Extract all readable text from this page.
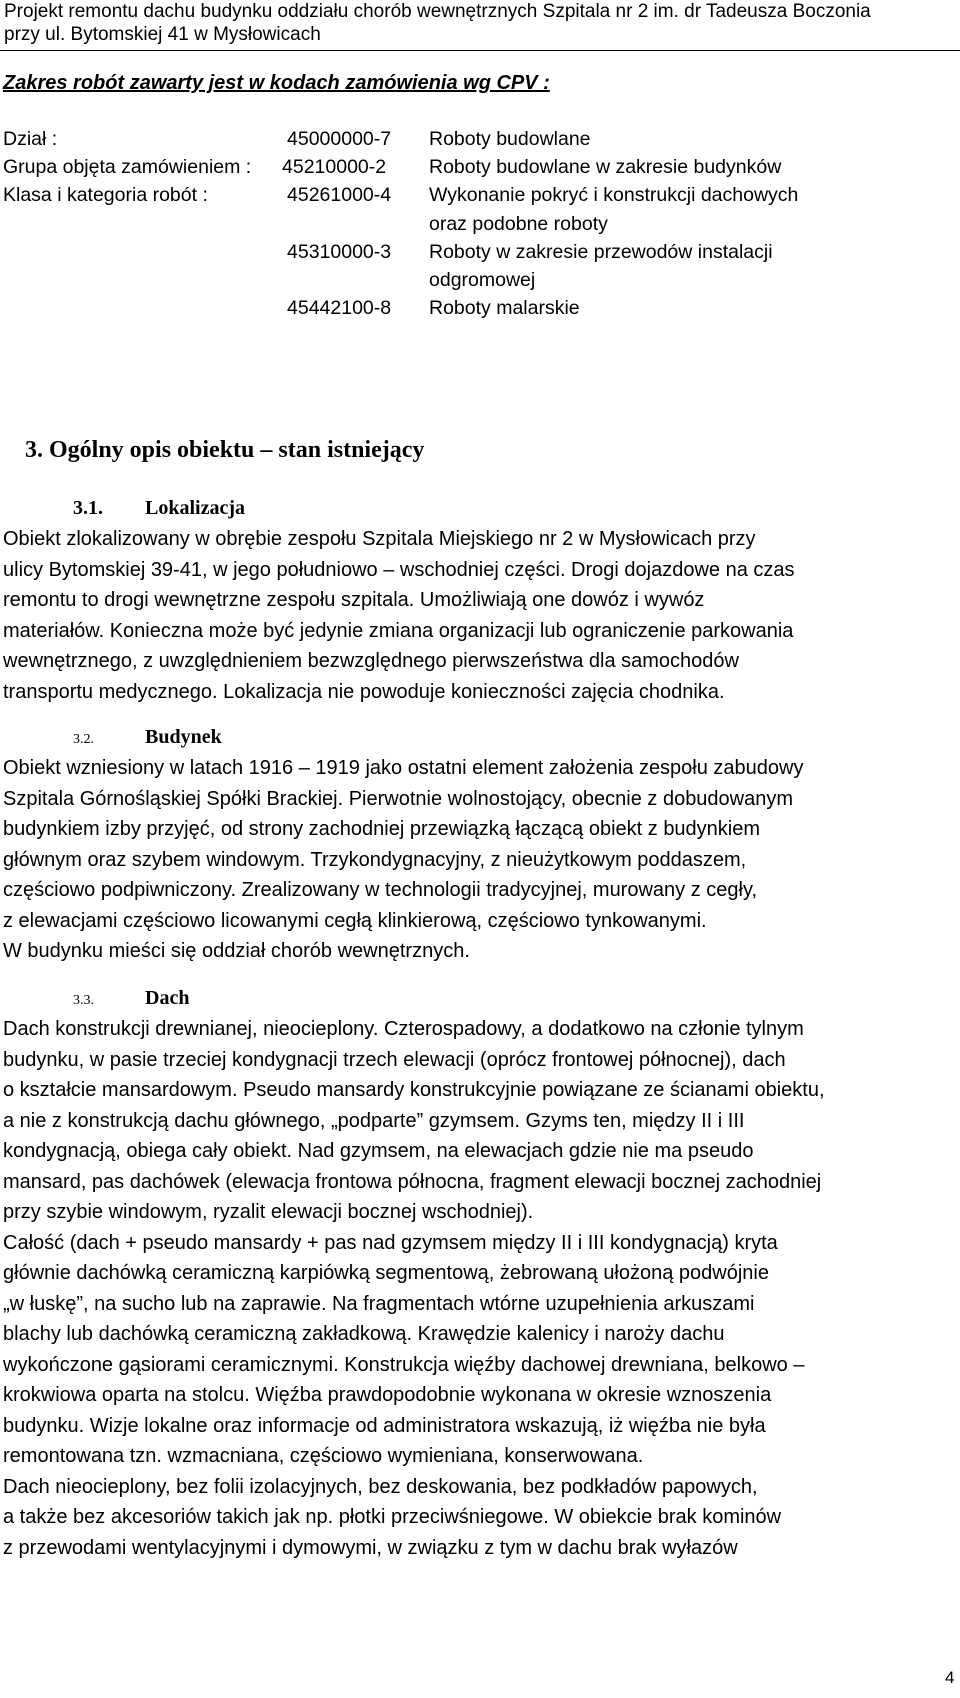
Projekt remontu dachu budynku oddziału chorób wewnętrznych Szpitala nr 2 im. dr Tadeusza Boczonia
przy ul. Bytomskiej 41 w Mysłowicach
Zakres robót zawarty jest w kodach zamówienia wg CPV :
Dział :	45000000-7 Roboty budowlane
Grupa objęta zamówieniem : 45210000-2 Roboty budowlane w zakresie budynków
Klasa i kategoria robót :	45261000-4 Wykonanie pokryć i konstrukcji dachowych
oraz podobne roboty
45310000-3 Roboty w zakresie przewodów instalacji
odgromowej
45442100-8 Roboty malarskie
3. Ogólny opis obiektu – stan istniejący
3.1. Lokalizacja
Obiekt zlokalizowany w obrębie zespołu Szpitala Miejskiego nr 2 w Mysłowicach przy
ulicy Bytomskiej 39-41, w jego południowo – wschodniej części. Drogi dojazdowe na czas
remontu to drogi wewnętrzne zespołu szpitala. Umożliwiają one dowóz i wywóz
materiałów. Konieczna może być jedynie zmiana organizacji lub ograniczenie parkowania
wewnętrznego, z uwzględnieniem bezwzględnego pierwszeństwa dla samochodów
transportu medycznego. Lokalizacja nie powoduje konieczności zajęcia chodnika.
3.2.	Budynek
Obiekt wzniesiony w latach 1916 – 1919 jako ostatni element założenia zespołu zabudowy
Szpitala Górnośląskiej Spółki Brackiej. Pierwotnie wolnostojący, obecnie z dobudowanym
budynkiem izby przyjęć, od strony zachodniej przewiązką łączącą obiekt z budynkiem
głównym oraz szybem windowym. Trzykondygnacyjny, z nieużytkowym poddaszem,
częściowo podpiwniczony. Zrealizowany w technologii tradycyjnej, murowany z cegły,
z elewacjami częściowo licowanymi cegłą klinkierową, częściowo tynkowanymi.
W budynku mieści się oddział chorób wewnętrznych.
3.3.	Dach
Dach konstrukcji drewnianej, nieocieplony. Czterospadowy, a dodatkowo na członie tylnym
budynku, w pasie trzeciej kondygnacji trzech elewacji (oprócz frontowej północnej), dach
o kształcie mansardowym. Pseudo mansardy konstrukcyjnie powiązane ze ścianami obiektu,
a nie z konstrukcją dachu głównego, „podparte” gzymsem. Gzyms ten, między II i III
kondygnacją, obiega cały obiekt. Nad gzymsem, na elewacjach gdzie nie ma pseudo
mansard, pas dachówek (elewacja frontowa północna, fragment elewacji bocznej zachodniej
przy szybie windowym, ryzalit elewacji bocznej wschodniej).
Całość (dach + pseudo mansardy + pas nad gzymsem między II i III kondygnacją) kryta
głównie dachówką ceramiczną karpiówką segmentową, żebrowaną ułożoną podwójnie
„w łuskę”, na sucho lub na zaprawie. Na fragmentach wtórne uzupełnienia arkuszami
blachy lub dachówką ceramiczną zakładkową. Krawędzie kalenicy i naroży dachu
wykończone gąsiorami ceramicznymi. Konstrukcja więźby dachowej drewniana, belkowo –
krokwiowa oparta na stolcu. Więźba prawdopodobnie wykonana w okresie wznoszenia
budynku. Wizje lokalne oraz informacje od administratora wskazują, iż więźba nie była
remontowana tzn. wzmacniana, częściowo wymieniana, konserwowana.
Dach nieocieplony, bez folii izolacyjnych, bez deskowania, bez podkładów papowych,
a także bez akcesoriów takich jak np. płotki przeciwśniegowe. W obiekcie brak kominów
z przewodami wentylacyjnymi i dymowymi, w związku z tym w dachu brak wyłazów
4
